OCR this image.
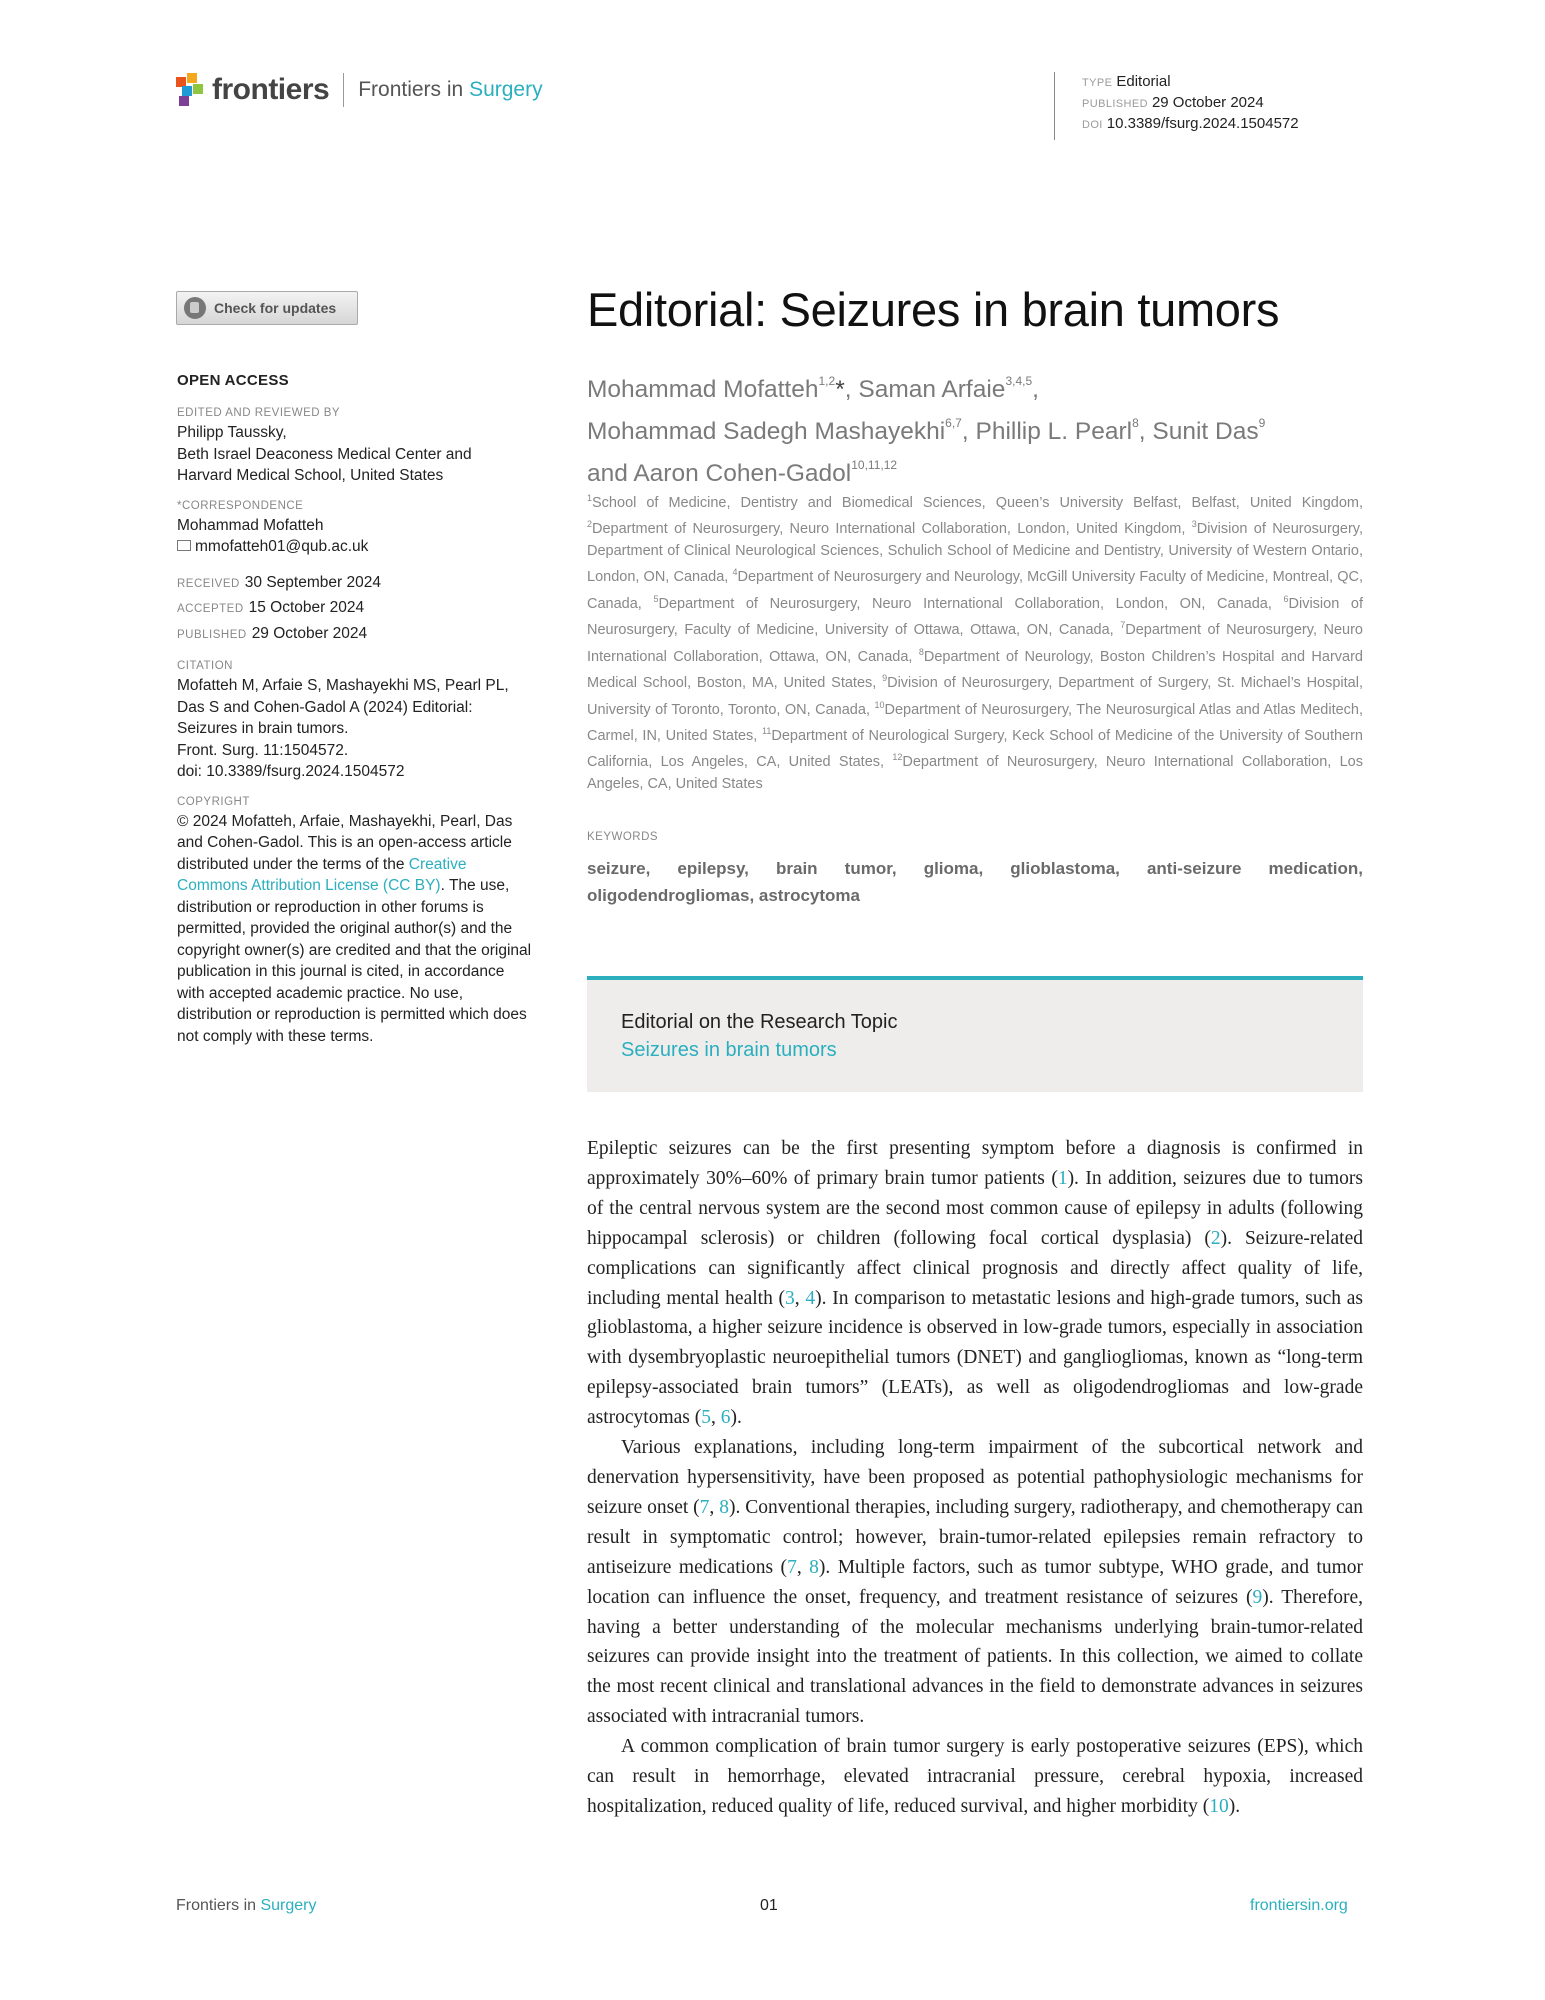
frontiers Frontiers in Surgery	TYPE Editorial
PUBLISHED 29 October 2024
DOI 10.3389/fsurg.2024.1504572
Check for updates
OPEN ACCESS
EDITED AND REVIEWED BY
Philipp Taussky,
Beth Israel Deaconess Medical Center and Harvard Medical School, United States
*CORRESPONDENCE
Mohammad Mofatteh
mmofatteh01@qub.ac.uk
RECEIVED 30 September 2024
ACCEPTED 15 October 2024
PUBLISHED 29 October 2024
CITATION
Mofatteh M, Arfaie S, Mashayekhi MS, Pearl PL, Das S and Cohen-Gadol A (2024) Editorial: Seizures in brain tumors.
Front. Surg. 11:1504572.
doi: 10.3389/fsurg.2024.1504572
COPYRIGHT
© 2024 Mofatteh, Arfaie, Mashayekhi, Pearl, Das and Cohen-Gadol. This is an open-access article distributed under the terms of the Creative Commons Attribution License (CC BY). The use, distribution or reproduction in other forums is permitted, provided the original author(s) and the copyright owner(s) are credited and that the original publication in this journal is cited, in accordance with accepted academic practice. No use, distribution or reproduction is permitted which does not comply with these terms.
Editorial: Seizures in brain tumors
Mohammad Mofatteh$^{1,2}$*, Saman Arfaie$^{3,4,5}$,
Mohammad Sadegh Mashayekhi$^{6,7}$, Phillip L. Pearl$^8$, Sunit Das$^9$
and Aaron Cohen-Gadol$^{10,11,12}$
$^1$School of Medicine, Dentistry and Biomedical Sciences, Queen’s University Belfast, Belfast, United Kingdom, $^2$Department of Neurosurgery, Neuro International Collaboration, London, United Kingdom, $^3$Division of Neurosurgery, Department of Clinical Neurological Sciences, Schulich School of Medicine and Dentistry, University of Western Ontario, London, ON, Canada, $^4$Department of Neurosurgery and Neurology, McGill University Faculty of Medicine, Montreal, QC, Canada, $^5$Department of Neurosurgery, Neuro International Collaboration, London, ON, Canada, $^6$Division of Neurosurgery, Faculty of Medicine, University of Ottawa, Ottawa, ON, Canada, $^7$Department of Neurosurgery, Neuro International Collaboration, Ottawa, ON, Canada, $^8$Department of Neurology, Boston Children’s Hospital and Harvard Medical School, Boston, MA, United States, $^9$Division of Neurosurgery, Department of Surgery, St. Michael’s Hospital, University of Toronto, Toronto, ON, Canada, $^{10}$Department of Neurosurgery, The Neurosurgical Atlas and Atlas Meditech, Carmel, IN, United States, $^{11}$Department of Neurological Surgery, Keck School of Medicine of the University of Southern California, Los Angeles, CA, United States, $^{12}$Department of Neurosurgery, Neuro International Collaboration, Los Angeles, CA, United States
KEYWORDS
seizure, epilepsy, brain tumor, glioma, glioblastoma, anti-seizure medication, oligodendrogliomas, astrocytoma
Editorial on the Research Topic
Seizures in brain tumors

Epileptic seizures can be the first presenting symptom before a diagnosis is confirmed in approximately 30%–60% of primary brain tumor patients (1). In addition, seizures due to tumors of the central nervous system are the second most common cause of epilepsy in adults (following hippocampal sclerosis) or children (following focal cortical dysplasia) (2). Seizure-related complications can significantly affect clinical prognosis and directly affect quality of life, including mental health (3, 4). In comparison to metastatic lesions and high-grade tumors, such as glioblastoma, a higher seizure incidence is observed in low-grade tumors, especially in association with dysembryoplastic neuroepithelial tumors (DNET) and gangliogliomas, known as “long-term epilepsy-associated brain tumors” (LEATs), as well as oligodendrogliomas and low-grade astrocytomas (5, 6).

Various explanations, including long-term impairment of the subcortical network and denervation hypersensitivity, have been proposed as potential pathophysiologic mechanisms for seizure onset (7, 8). Conventional therapies, including surgery, radiotherapy, and chemotherapy can result in symptomatic control; however, brain-tumor-related epilepsies remain refractory to antiseizure medications (7, 8). Multiple factors, such as tumor subtype, WHO grade, and tumor location can influence the onset, frequency, and treatment resistance of seizures (9). Therefore, having a better understanding of the molecular mechanisms underlying brain-tumor-related seizures can provide insight into the treatment of patients. In this collection, we aimed to collate the most recent clinical and translational advances in the field to demonstrate advances in seizures associated with intracranial tumors.

A common complication of brain tumor surgery is early postoperative seizures (EPS), which can result in hemorrhage, elevated intracranial pressure, cerebral hypoxia, increased hospitalization, reduced quality of life, reduced survival, and higher morbidity (10).

Frontiers in Surgery	01	frontiersin.org
